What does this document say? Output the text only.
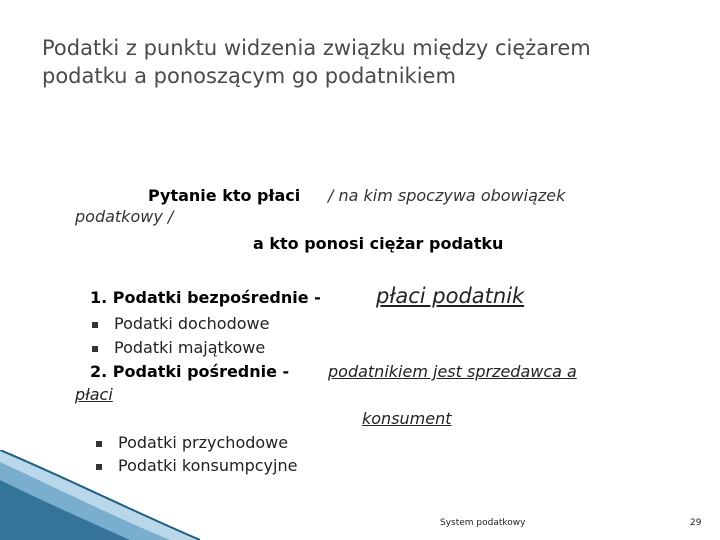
Podatki z punktu widzenia związku między ciężarem podatku a ponoszącym go podatnikiem
Pytanie kto płaci / na kim spoczywa obowiązek
podatkowy /
a kto ponosi ciężar podatku
1. Podatki bezpośrednie -	płaci podatnik
Podatki dochodowe
Podatki majątkowe
2. Podatki pośrednie - podatnikiem jest sprzedawca a
płaci
konsument
Podatki przychodowe
Podatki konsumpcyjne
System podatkowy	29
